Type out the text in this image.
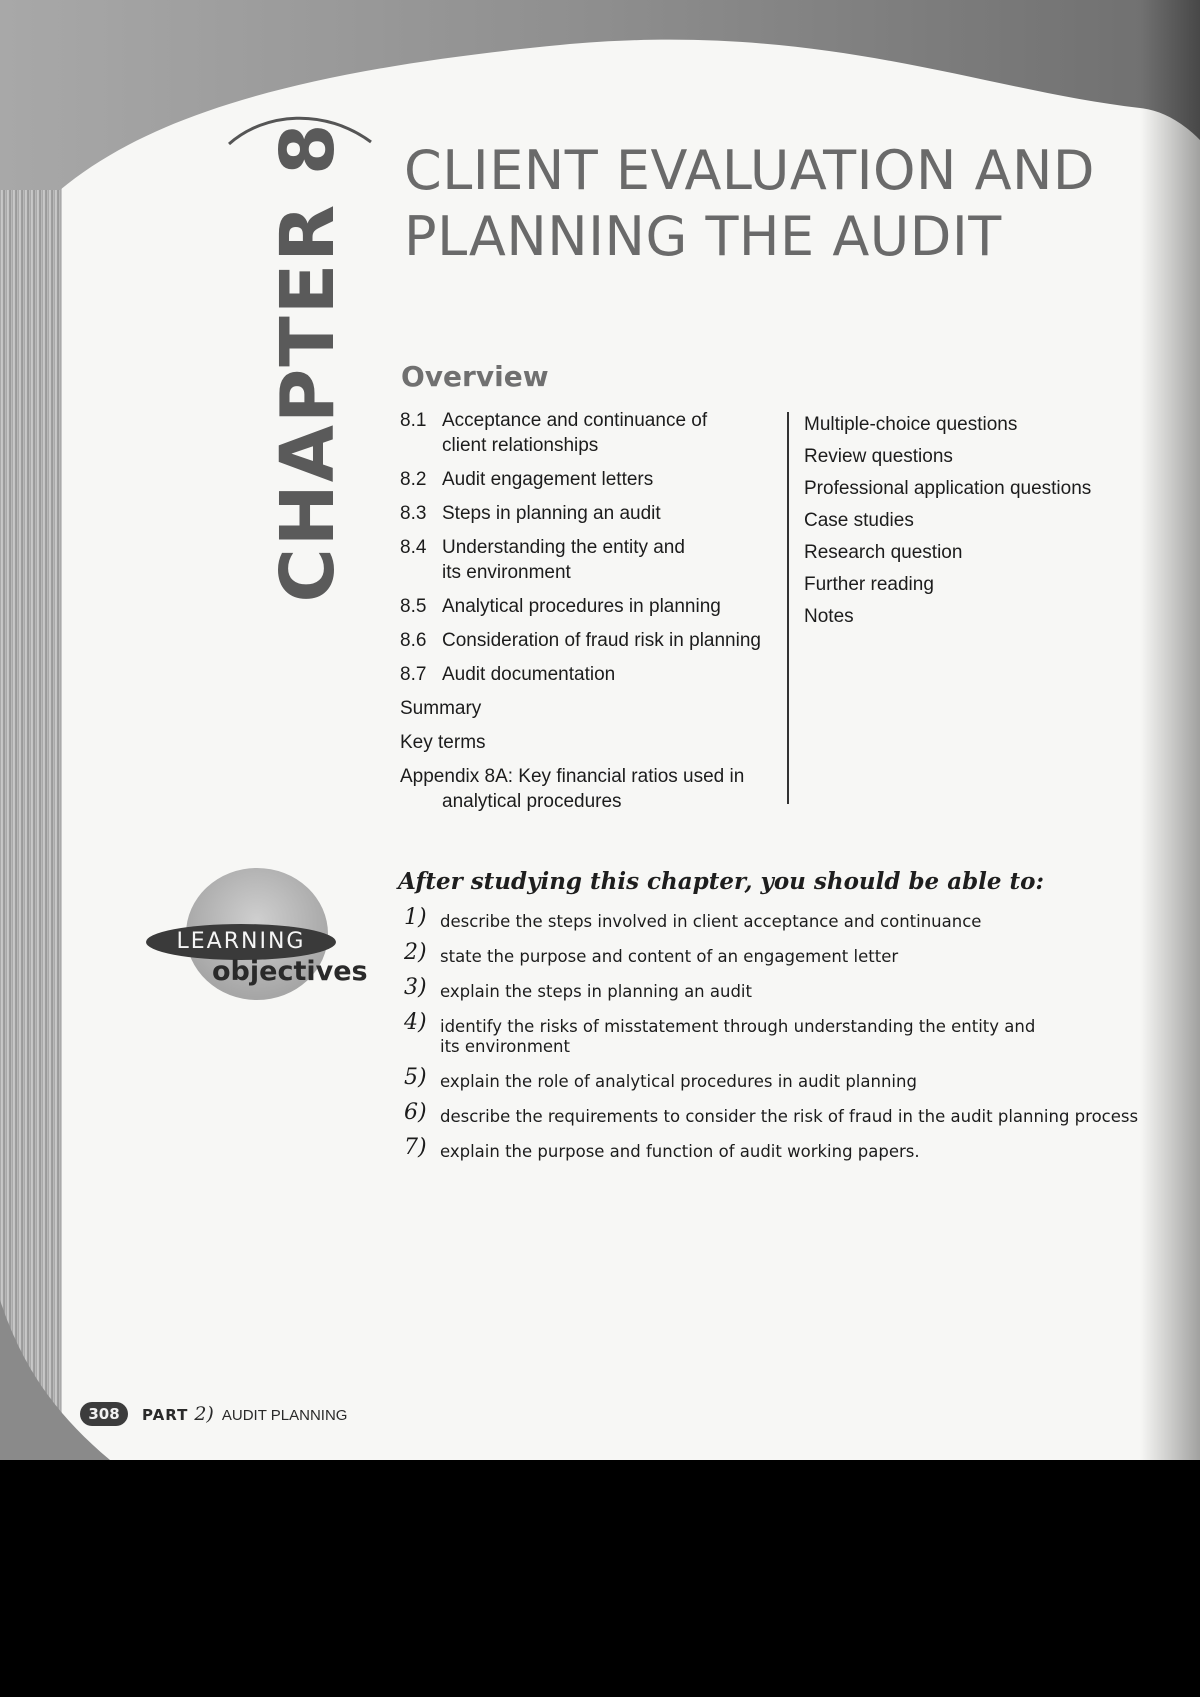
CHAPTER 8 CLIENT EVALUATION AND
PLANNING THE AUDIT
Overview
8.1 Acceptance and continuance of
client relationships
8.2 Audit engagement letters
8.3 Steps in planning an audit
8.4 Understanding the entity and
its environment
8.5 Analytical procedures in planning
8.6 Consideration of fraud risk in planning
8.7 Audit documentation
Summary
Key terms
Appendix 8A: Key financial ratios used in
analytical procedures
Multiple-choice questions
Review questions
Professional application questions
Case studies
Research question
Further reading
Notes
LEARNING
objectives
After studying this chapter, you should be able to:
1) describe the steps involved in client acceptance and continuance
2) state the purpose and content of an engagement letter
3) explain the steps in planning an audit
4) identify the risks of misstatement through understanding the entity and
its environment
5) explain the role of analytical procedures in audit planning
6) describe the requirements to consider the risk of fraud in the audit planning process
7) explain the purpose and function of audit working papers.
308	PART 2) AUDIT PLANNING
